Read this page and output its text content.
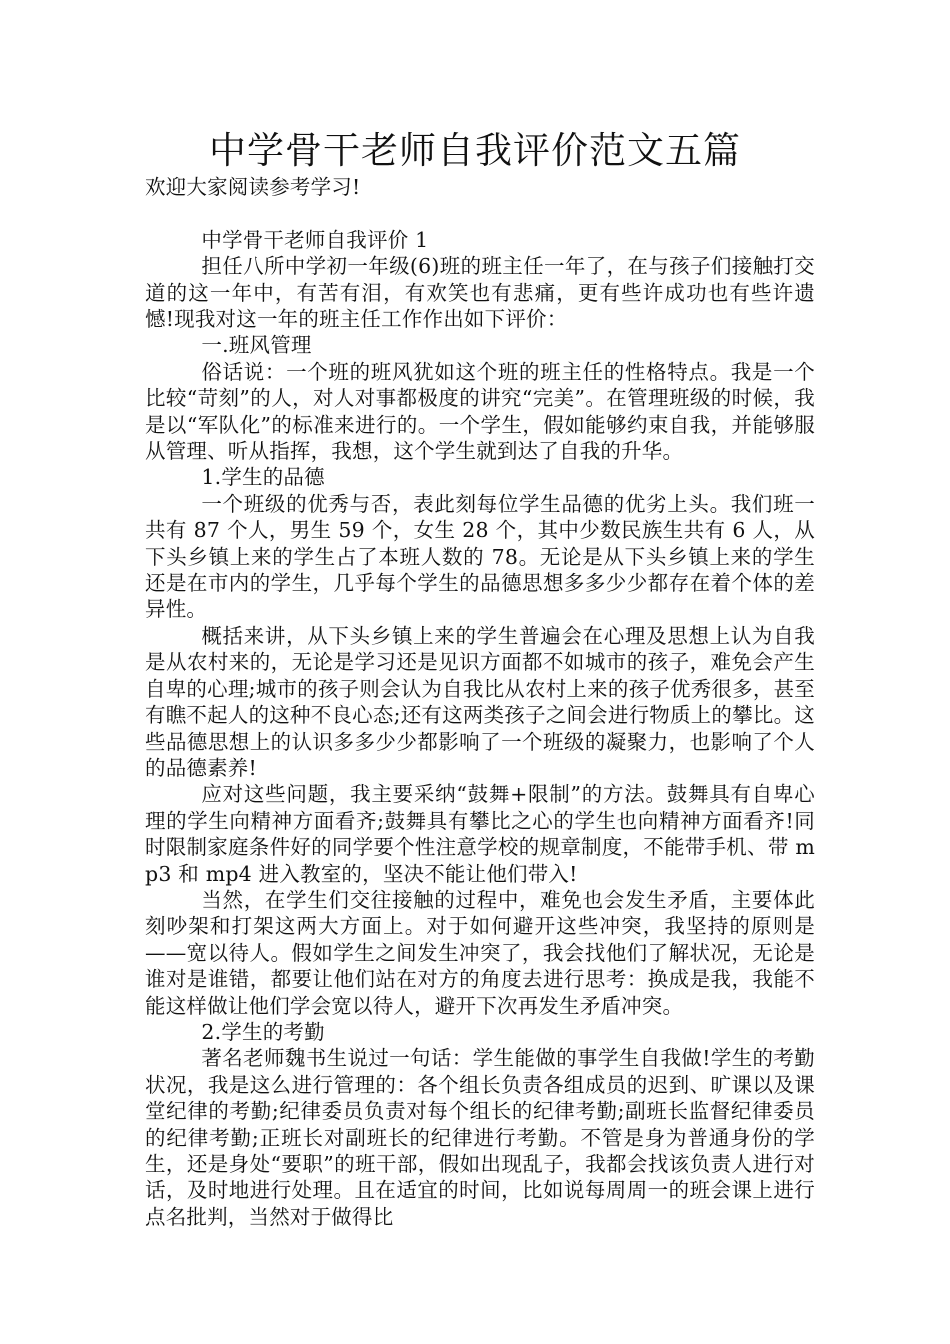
中学骨干老师自我评价范文五篇

欢迎大家阅读参考学习!

中学骨干老师自我评价 1

担任八所中学初一年级(6)班的班主任一年了，在与孩子们接触打交道的这一年中，有苦有泪，有欢笑也有悲痛，更有些许成功也有些许遗憾!现我对这一年的班主任工作作出如下评价：

一.班风管理

俗话说：一个班的班风犹如这个班的班主任的性格特点。我是一个比较“苛刻”的人，对人对事都极度的讲究“完美”。在管理班级的时候，我是以“军队化”的标准来进行的。一个学生，假如能够约束自我，并能够服从管理、听从指挥，我想，这个学生就到达了自我的升华。

1.学生的品德

一个班级的优秀与否，表此刻每位学生品德的优劣上头。我们班一共有 87 个人，男生 59 个，女生 28 个，其中少数民族生共有 6 人，从下头乡镇上来的学生占了本班人数的 78。无论是从下头乡镇上来的学生还是在市内的学生，几乎每个学生的品德思想多多少少都存在着个体的差异性。

概括来讲，从下头乡镇上来的学生普遍会在心理及思想上认为自我是从农村来的，无论是学习还是见识方面都不如城市的孩子，难免会产生自卑的心理;城市的孩子则会认为自我比从农村上来的孩子优秀很多，甚至有瞧不起人的这种不良心态;还有这两类孩子之间会进行物质上的攀比。这些品德思想上的认识多多少少都影响了一个班级的凝聚力，也影响了个人的品德素养!

应对这些问题，我主要采纳“鼓舞+限制”的方法。鼓舞具有自卑心理的学生向精神方面看齐;鼓舞具有攀比之心的学生也向精神方面看齐!同时限制家庭条件好的同学要个性注意学校的规章制度，不能带手机、带 mp3 和 mp4 进入教室的，坚决不能让他们带入!

当然，在学生们交往接触的过程中，难免也会发生矛盾，主要体此刻吵架和打架这两大方面上。对于如何避开这些冲突，我坚持的原则是——宽以待人。假如学生之间发生冲突了，我会找他们了解状况，无论是谁对是谁错，都要让他们站在对方的角度去进行思考：换成是我，我能不能这样做让他们学会宽以待人，避开下次再发生矛盾冲突。

2.学生的考勤

著名老师魏书生说过一句话：学生能做的事学生自我做!学生的考勤状况，我是这么进行管理的：各个组长负责各组成员的迟到、旷课以及课堂纪律的考勤;纪律委员负责对每个组长的纪律考勤;副班长监督纪律委员的纪律考勤;正班长对副班长的纪律进行考勤。不管是身为普通身份的学生，还是身处“要职”的班干部，假如出现乱子，我都会找该负责人进行对话，及时地进行处理。且在适宜的时间，比如说每周周一的班会课上进行点名批判，当然对于做得比
